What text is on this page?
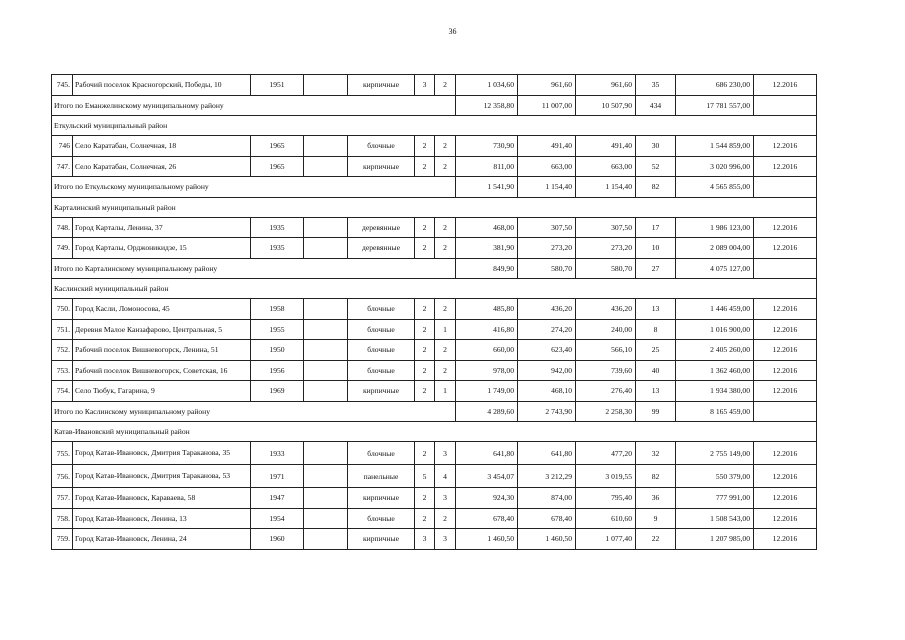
36
745.	Рабочий поселок Красногорский, Победы, 10	1951		кирпичные	3	2	1 034,60	961,60	961,60	35	686 230,00	12.2016
Итого по Еманжелинскому муниципальному району							12 358,80	11 007,00	10 507,90	434	17 781 557,00	
Еткульский муниципальный район												
746	Село Каратабан, Солнечная, 18	1965		блочные	2	2	730,90	491,40	491,40	30	1 544 859,00	12.2016
747.	Село Каратабан, Солнечная, 26	1965		кирпичные	2	2	811,00	663,00	663,00	52	3 020 996,00	12.2016
Итого по Еткульскому муниципальному району							1 541,90	1 154,40	1 154,40	82	4 565 855,00	
Карталинский муниципальный район												
748.	Город Карталы, Ленина, 37	1935		деревянные	2	2	468,00	307,50	307,50	17	1 986 123,00	12.2016
749.	Город Карталы, Орджоникидзе, 15	1935		деревянные	2	2	381,90	273,20	273,20	10	2 089 004,00	12.2016
Итого по Карталинскому муниципальному району							849,90	580,70	580,70	27	4 075 127,00	
Каслинский муниципальный район												
750.	Город Касли, Ломоносова, 45	1958		блочные	2	2	485,80	436,20	436,20	13	1 446 459,00	12.2016
751.	Деревня Малое Канзафарово, Центральная, 5	1955		блочные	2	1	416,80	274,20	240,00	8	1 016 900,00	12.2016
752.	Рабочий поселок Вишневогорск, Ленина, 51	1950		блочные	2	2	660,00	623,40	566,10	25	2 405 260,00	12.2016
753.	Рабочий поселок Вишневогорск, Советская, 16	1956		блочные	2	2	978,00	942,00	739,60	40	1 362 460,00	12.2016
754.	Село Тюбук, Гагарина, 9	1969		кирпичные	2	1	1 749,00	468,10	276,40	13	1 934 380,00	12.2016
Итого по Каслинскому муниципальному району							4 289,60	2 743,90	2 258,30	99	8 165 459,00	
Катав-Ивановский муниципальный район												
755.	Город Катав-Ивановск, Дмитрия Тараканова, 35	1933		блочные	2	3	641,80	641,80	477,20	32	2 755 149,00	12.2016
756.	Город Катав-Ивановск, Дмитрия Тараканова, 53	1971		панельные	5	4	3 454,07	3 212,29	3 019,55	82	550 379,00	12.2016
757.	Город Катав-Ивановск, Караваева, 58	1947		кирпичные	2	3	924,30	874,00	795,40	36	777 991,00	12.2016
758.	Город Катав-Ивановск, Ленина, 13	1954		блочные	2	2	678,40	678,40	610,60	9	1 508 543,00	12.2016
759.	Город Катав-Ивановск, Ленина, 24	1960		кирпичные	3	3	1 460,50	1 460,50	1 077,40	22	1 207 985,00	12.2016
